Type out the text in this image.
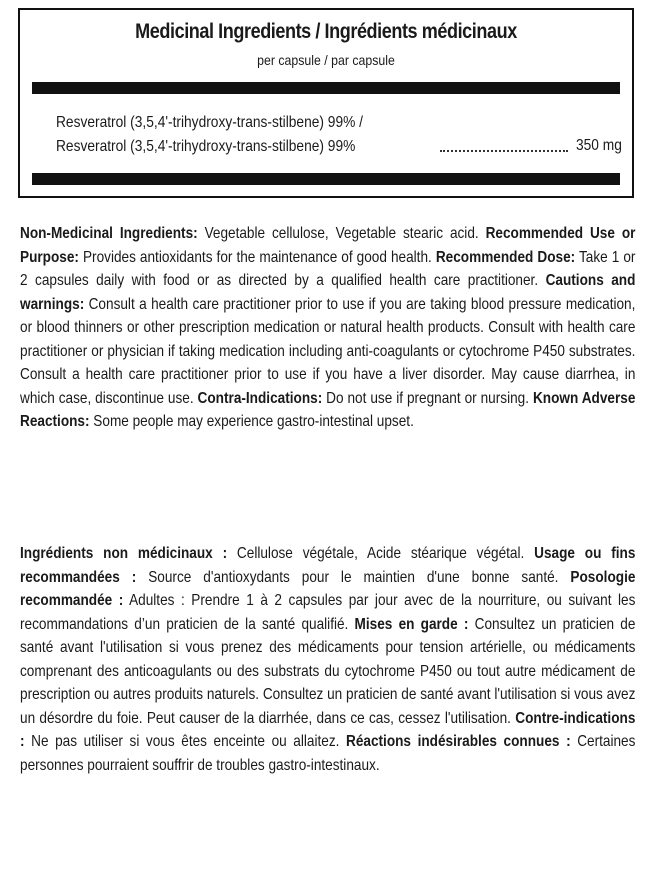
Medicinal Ingredients / Ingrédients médicinaux
per capsule / par capsule
Resveratrol (3,5,4'-trihydroxy-trans-stilbene) 99% /
Resveratrol (3,5,4'-trihydroxy-trans-stilbene) 99%	350 mg

Non-Medicinal Ingredients: Vegetable cellulose, Vegetable stearic acid. Recommended Use or Purpose: Provides antioxidants for the maintenance of good health. Recommended Dose: Take 1 or 2 capsules daily with food or as directed by a qualified health care practitioner. Cautions and warnings: Consult a health care practitioner prior to use if you are taking blood pressure medication, or blood thinners or other prescription medication or natural health products. Consult with health care practitioner or physician if taking medication including anti-coagulants or cytochrome P450 substrates. Consult a health care practitioner prior to use if you have a liver disorder. May cause diarrhea, in which case, discontinue use. Contra-Indications: Do not use if pregnant or nursing. Known Adverse Reactions: Some people may experience gastro-intestinal upset.

Ingrédients non médicinaux : Cellulose végétale, Acide stéarique végétal. Usage ou fins recommandées : Source d'antioxydants pour le maintien d'une bonne santé. Posologie recommandée : Adultes : Prendre 1 à 2 capsules par jour avec de la nourriture, ou suivant les recommandations d’un praticien de la santé qualifié. Mises en garde : Consultez un praticien de santé avant l'utilisation si vous prenez des médicaments pour tension artérielle, ou médicaments comprenant des anticoagulants ou des substrats du cytochrome P450 ou tout autre médicament de prescription ou autres produits naturels. Consultez un praticien de santé avant l'utilisation si vous avez un désordre du foie. Peut causer de la diarrhée, dans ce cas, cessez l'utilisation. Contre-indications : Ne pas utiliser si vous êtes enceinte ou allaitez. Réactions indésirables connues : Certaines personnes pourraient souffrir de troubles gastro-intestinaux.
